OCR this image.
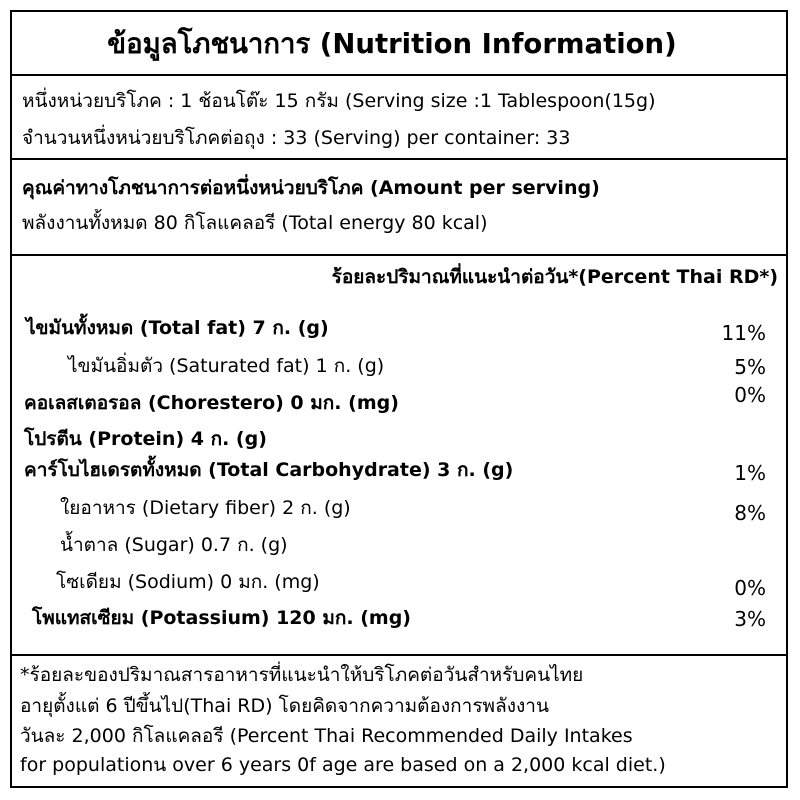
ข้อมูลโภชนาการ (Nutrition Information)
หนึ่งหน่วยบริโภค : 1 ช้อนโต๊ะ 15 กรัม (Serving size :1 Tablespoon(15g)
จำนวนหนึ่งหน่วยบริโภคต่อถุง : 33 (Serving) per container: 33
คุณค่าทางโภชนาการต่อหนึ่งหน่วยบริโภค (Amount per serving)
พลังงานทั้งหมด 80 กิโลแคลอรี (Total energy 80 kcal)
ร้อยละปริมาณที่แนะนำต่อวัน*(Percent Thai RD*)
ไขมันทั้งหมด (Total fat) 7 ก. (g)	11%
ไขมันอิ่มตัว (Saturated fat) 1 ก. (g)	5%
คอเลสเตอรอล (Chorestero) 0 มก. (mg)	0%
โปรตีน (Protein) 4 ก. (g)
คาร์โบไฮเดรตทั้งหมด (Total Carbohydrate) 3 ก. (g)	1%
ใยอาหาร (Dietary fiber) 2 ก. (g)	8%
น้ำตาล (Sugar) 0.7 ก. (g)
โซเดียม (Sodium) 0 มก. (mg)	0%
โพแทสเซียม (Potassium) 120 มก. (mg)	3%
*ร้อยละของปริมาณสารอาหารที่แนะนำให้บริโภคต่อวันสำหรับคนไทย
อายุตั้งแต่ 6 ปีขึ้นไป(Thai RD) โดยคิดจากความต้องการพลังงาน
วันละ 2,000 กิโลแคลอรี (Percent Thai Recommended Daily Intakes
for populationน over 6 years 0f age are based on a 2,000 kcal diet.)
